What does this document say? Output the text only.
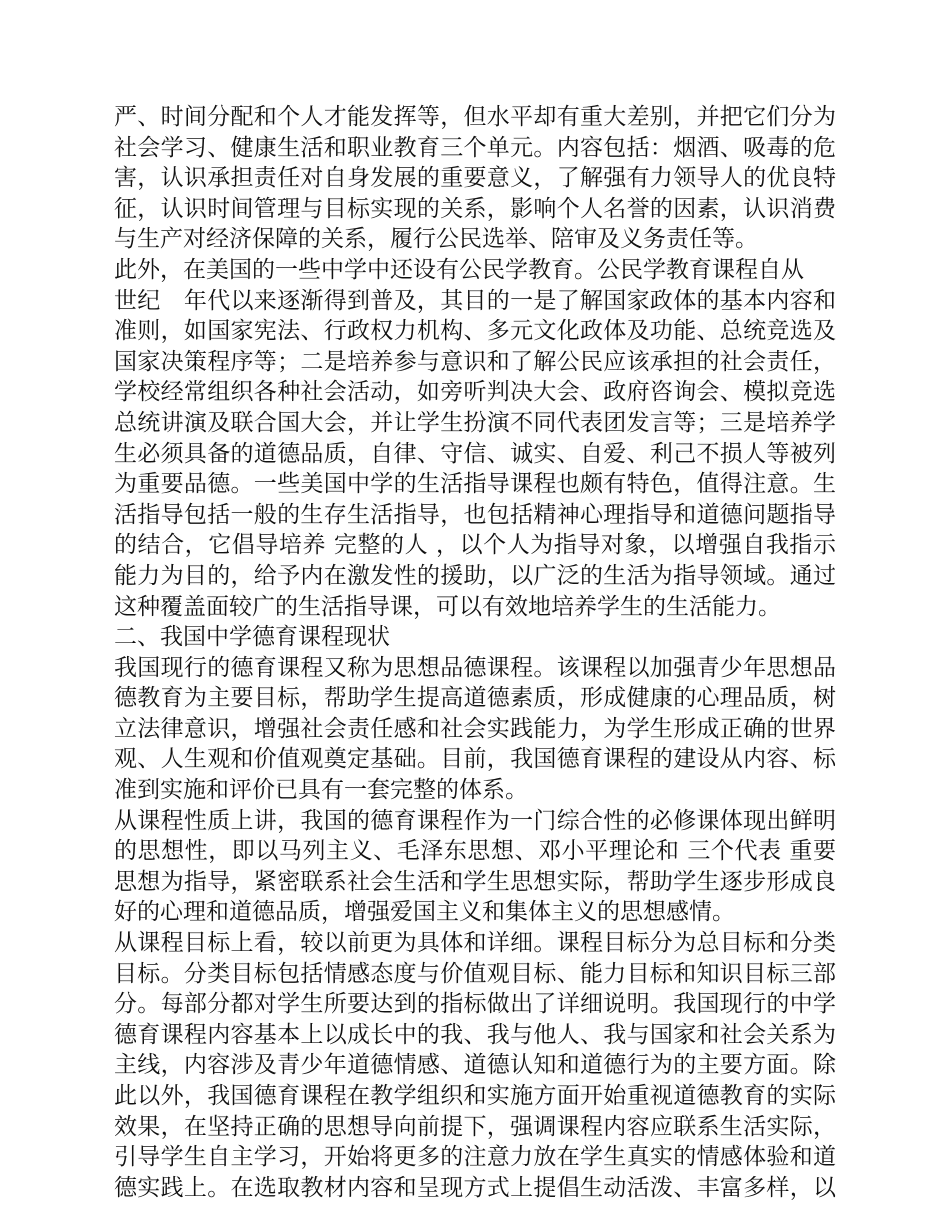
严、时间分配和个人才能发挥等，但水平却有重大差别，并把它们分为
社会学习、健康生活和职业教育三个单元。内容包括：烟酒、吸毒的危
害，认识承担责任对自身发展的重要意义，了解强有力领导人的优良特
征，认识时间管理与目标实现的关系，影响个人名誉的因素，认识消费
与生产对经济保障的关系，履行公民选举、陪审及义务责任等。
此外，在美国的一些中学中还设有公民学教育。公民学教育课程自从
世纪　年代以来逐渐得到普及，其目的一是了解国家政体的基本内容和
准则，如国家宪法、行政权力机构、多元文化政体及功能、总统竞选及
国家决策程序等；二是培养参与意识和了解公民应该承担的社会责任，
学校经常组织各种社会活动，如旁听判决大会、政府咨询会、模拟竞选
总统讲演及联合国大会，并让学生扮演不同代表团发言等；三是培养学
生必须具备的道德品质，自律、守信、诚实、自爱、利己不损人等被列
为重要品德。一些美国中学的生活指导课程也颇有特色，值得注意。生
活指导包括一般的生存生活指导，也包括精神心理指导和道德问题指导
的结合，它倡导培养 完整的人 ，以个人为指导对象，以增强自我指示
能力为目的，给予内在激发性的援助，以广泛的生活为指导领域。通过
这种覆盖面较广的生活指导课，可以有效地培养学生的生活能力。
二、我国中学德育课程现状
我国现行的德育课程又称为思想品德课程。该课程以加强青少年思想品
德教育为主要目标，帮助学生提高道德素质，形成健康的心理品质，树
立法律意识，增强社会责任感和社会实践能力，为学生形成正确的世界
观、人生观和价值观奠定基础。目前，我国德育课程的建设从内容、标
准到实施和评价已具有一套完整的体系。
从课程性质上讲，我国的德育课程作为一门综合性的必修课体现出鲜明
的思想性，即以马列主义、毛泽东思想、邓小平理论和 三个代表 重要
思想为指导，紧密联系社会生活和学生思想实际，帮助学生逐步形成良
好的心理和道德品质，增强爱国主义和集体主义的思想感情。
从课程目标上看，较以前更为具体和详细。课程目标分为总目标和分类
目标。分类目标包括情感态度与价值观目标、能力目标和知识目标三部
分。每部分都对学生所要达到的指标做出了详细说明。我国现行的中学
德育课程内容基本上以成长中的我、我与他人、我与国家和社会关系为
主线，内容涉及青少年道德情感、道德认知和道德行为的主要方面。除
此以外，我国德育课程在教学组织和实施方面开始重视道德教育的实际
效果，在坚持正确的思想导向前提下，强调课程内容应联系生活实际，
引导学生自主学习，开始将更多的注意力放在学生真实的情感体验和道
德实践上。在选取教材内容和呈现方式上提倡生动活泼、丰富多样，以
